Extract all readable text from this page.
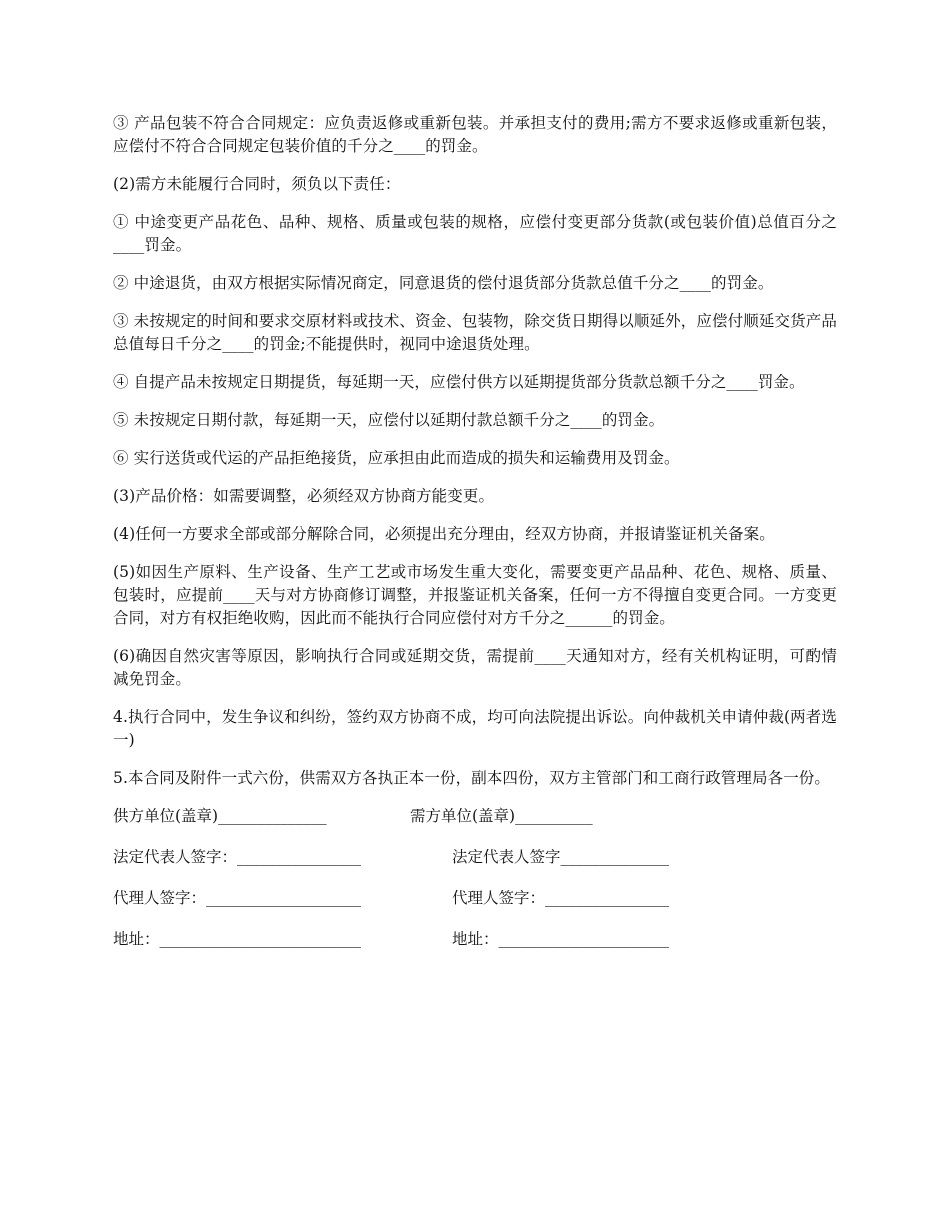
③ 产品包装不符合合同规定：应负责返修或重新包装。并承担支付的费用;需方不要求返修或重新包装，应偿付不符合合同规定包装价值的千分之____的罚金。

(2)需方未能履行合同时，须负以下责任：

① 中途变更产品花色、品种、规格、质量或包装的规格，应偿付变更部分货款(或包装价值)总值百分之____罚金。

② 中途退货，由双方根据实际情况商定，同意退货的偿付退货部分货款总值千分之____的罚金。

③ 未按规定的时间和要求交原材料或技术、资金、包装物，除交货日期得以顺延外，应偿付顺延交货产品总值每日千分之____的罚金;不能提供时，视同中途退货处理。

④ 自提产品未按规定日期提货，每延期一天，应偿付供方以延期提货部分货款总额千分之____罚金。

⑤ 未按规定日期付款，每延期一天，应偿付以延期付款总额千分之____的罚金。

⑥ 实行送货或代运的产品拒绝接货，应承担由此而造成的损失和运输费用及罚金。

(3)产品价格：如需要调整，必须经双方协商方能变更。

(4)任何一方要求全部或部分解除合同，必须提出充分理由，经双方协商，并报请鉴证机关备案。

(5)如因生产原料、生产设备、生产工艺或市场发生重大变化，需要变更产品品种、花色、规格、质量、包装时，应提前____天与对方协商修订调整，并报鉴证机关备案，任何一方不得擅自变更合同。一方变更合同，对方有权拒绝收购，因此而不能执行合同应偿付对方千分之______的罚金。

(6)确因自然灾害等原因，影响执行合同或延期交货，需提前____天通知对方，经有关机构证明，可酌情减免罚金。

4.执行合同中，发生争议和纠纷，签约双方协商不成，均可向法院提出诉讼。向仲裁机关申请仲裁(两者选一)

5.本合同及附件一式六份，供需双方各执正本一份，副本四份，双方主管部门和工商行政管理局各一份。

供方单位(盖章)______________	需方单位(盖章)__________
法定代表人签字：________________	法定代表人签字______________
代理人签字：____________________	代理人签字：________________
地址：__________________________	地址：______________________
